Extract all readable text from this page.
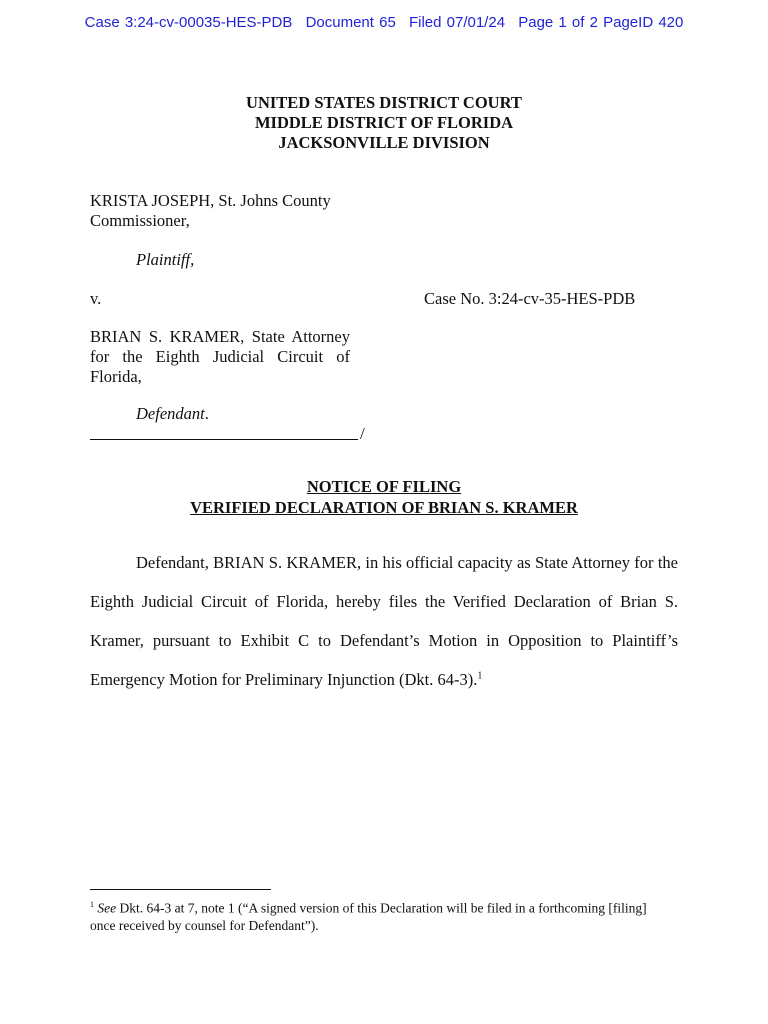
Case 3:24-cv-00035-HES-PDB Document 65 Filed 07/01/24 Page 1 of 2 PageID 420
UNITED STATES DISTRICT COURT
MIDDLE DISTRICT OF FLORIDA
JACKSONVILLE DIVISION
KRISTA JOSEPH, St. Johns County Commissioner,
Plaintiff,
v.	Case No. 3:24-cv-35-HES-PDB
BRIAN S. KRAMER, State Attorney for the Eighth Judicial Circuit of Florida,
Defendant.
/
NOTICE OF FILING
VERIFIED DECLARATION OF BRIAN S. KRAMER
Defendant, BRIAN S. KRAMER, in his official capacity as State Attorney for the Eighth Judicial Circuit of Florida, hereby files the Verified Declaration of Brian S. Kramer, pursuant to Exhibit C to Defendant’s Motion in Opposition to Plaintiff’s Emergency Motion for Preliminary Injunction (Dkt. 64-3).$^1$
$^1$ See Dkt. 64-3 at 7, note 1 (“A signed version of this Declaration will be filed in a forthcoming [filing] once received by counsel for Defendant”).
